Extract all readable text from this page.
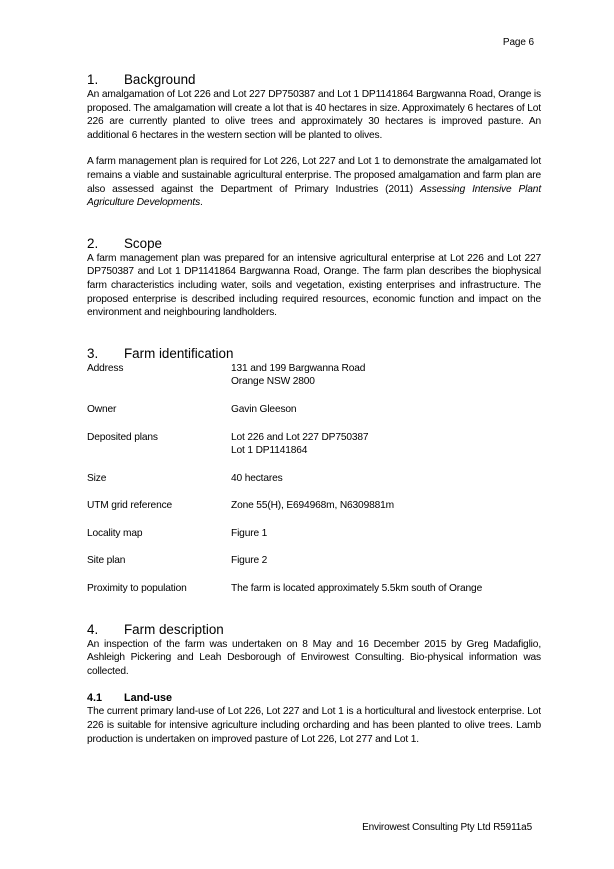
Page 6
1.	Background

An amalgamation of Lot 226 and Lot 227 DP750387 and Lot 1 DP1141864 Bargwanna Road, Orange is proposed. The amalgamation will create a lot that is 40 hectares in size. Approximately 6 hectares of Lot 226 are currently planted to olive trees and approximately 30 hectares is improved pasture. An additional 6 hectares in the western section will be planted to olives.

A farm management plan is required for Lot 226, Lot 227 and Lot 1 to demonstrate the amalgamated lot remains a viable and sustainable agricultural enterprise. The proposed amalgamation and farm plan are also assessed against the Department of Primary Industries (2011) Assessing Intensive Plant Agriculture Developments.

2.	Scope

A farm management plan was prepared for an intensive agricultural enterprise at Lot 226 and Lot 227 DP750387 and Lot 1 DP1141864 Bargwanna Road, Orange. The farm plan describes the biophysical farm characteristics including water, soils and vegetation, existing enterprises and infrastructure. The proposed enterprise is described including required resources, economic function and impact on the environment and neighbouring landholders.

3.	Farm identification
Address	131 and 199 Bargwanna Road
Orange NSW 2800
Owner	Gavin Gleeson
Deposited plans	Lot 226 and Lot 227 DP750387
Lot 1 DP1141864
Size	40 hectares
UTM grid reference	Zone 55(H), E694968m, N6309881m
Locality map	Figure 1
Site plan	Figure 2
Proximity to population	The farm is located approximately 5.5km south of Orange
4.	Farm description

An inspection of the farm was undertaken on 8 May and 16 December 2015 by Greg Madafiglio, Ashleigh Pickering and Leah Desborough of Envirowest Consulting. Bio-physical information was collected.

4.1	Land-use

The current primary land-use of Lot 226, Lot 227 and Lot 1 is a horticultural and livestock enterprise. Lot 226 is suitable for intensive agriculture including orcharding and has been planted to olive trees. Lamb production is undertaken on improved pasture of Lot 226, Lot 277 and Lot 1.

Envirowest Consulting Pty Ltd R5911a5
